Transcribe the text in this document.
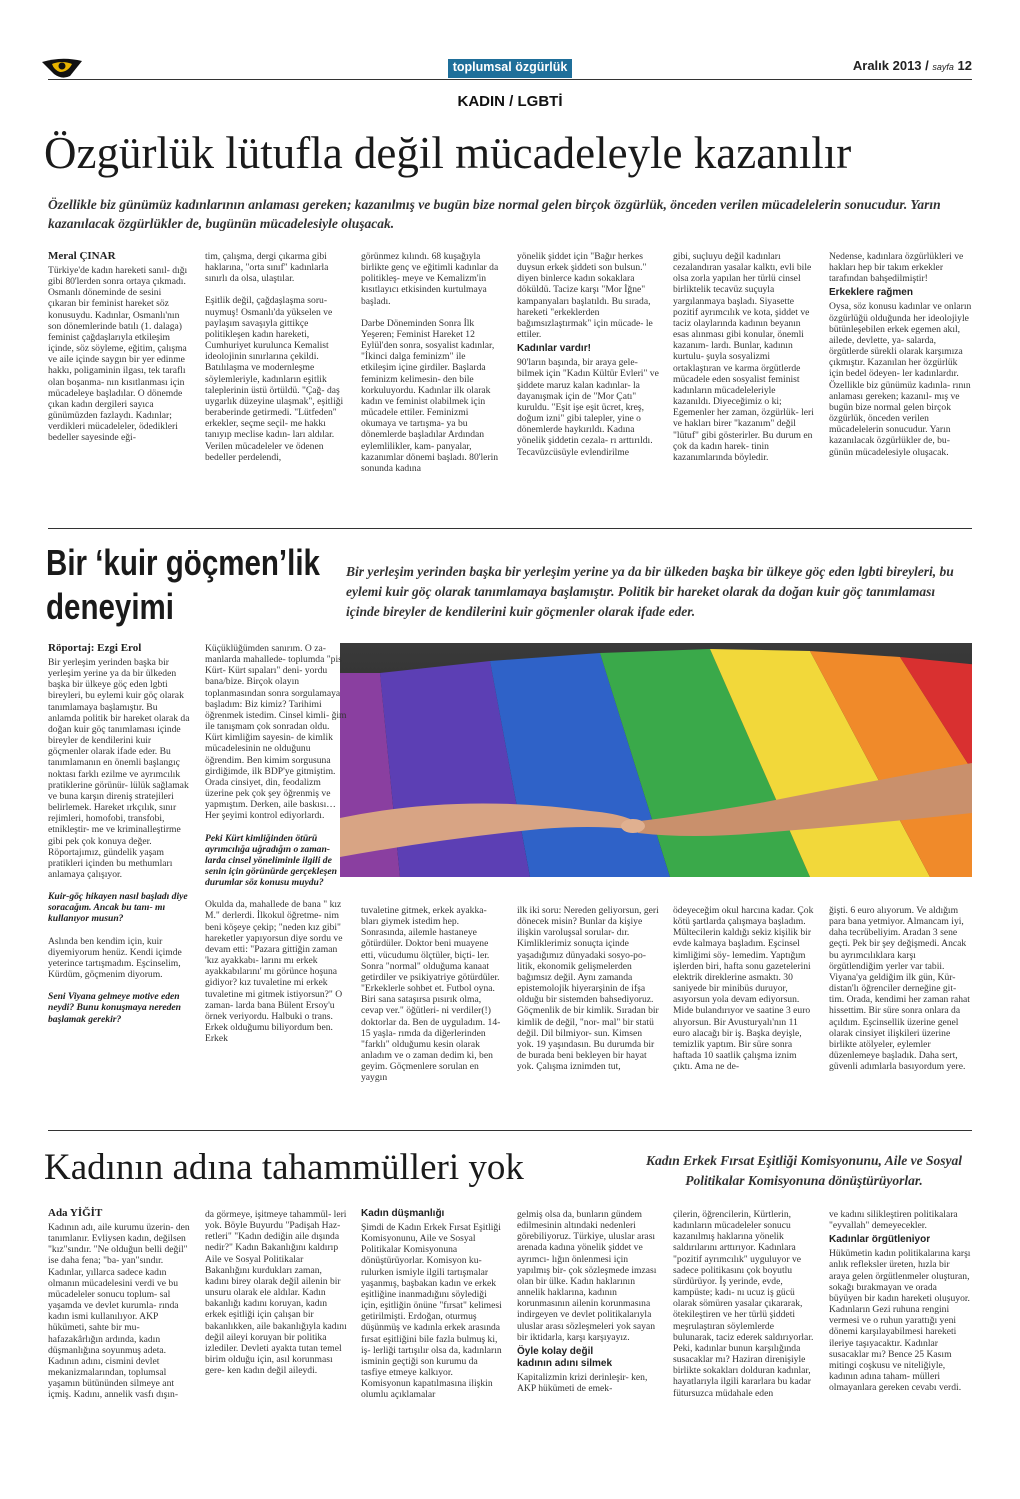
toplumsal özgürlük	Aralık 2013 / sayfa 12
KADIN / LGBTİ
Özgürlük lütufla değil mücadeleyle kazanılır
Özellikle biz günümüz kadınlarının anlaması gereken; kazanılmış ve bugün bize normal gelen birçok özgürlük, önceden verilen mücadelelerin sonucudur. Yarın kazanılacak özgürlükler de, bugünün mücadelesiyle oluşacak.
Meral ÇINAR

Türkiye'de kadın hareketi sanıl- dığı gibi 80'lerden sonra ortaya çıkmadı. Osmanlı döneminde de sesini çıkaran bir feminist hareket söz konusuydu. Kadınlar, Osmanlı'nın son dönemlerinde batılı (1. dalaga) feminist çağdaşlarıyla etkileşim içinde, söz söyleme, eğitim, çalışma ve aile içinde saygın bir yer edinme hakkı, poligaminin ilgası, tek taraflı olan boşanma- nın kısıtlanması için mücadeleye başladılar. O dönemde çıkan kadın dergileri sayıca günümüzden fazlaydı. Kadınlar; verdikleri mücadeleler, ödedikleri bedeller sayesinde eği-

tim, çalışma, dergi çıkarma gibi haklarına, "orta sınıf" kadınlarla sınırlı da olsa, ulaştılar.

Eşitlik değil, çağdaşlaşma soru- nuymuş! Osmanlı'da yükselen ve paylaşım savaşıyla gittikçe politikleşen kadın hareketi, Cumhuriyet kurulunca Kemalist ideolojinin sınırlarına çekildi. Batılılaşma ve modernleşme söylemleriyle, kadınların eşitlik taleplerinin üstü örtüldü. "Çağ- daş uygarlık düzeyine ulaşmak", eşitliği beraberinde getirmedi. "Lütfeden" erkekler, seçme seçil- me hakkı tanıyıp meclise kadın- ları aldılar. Verilen mücadeleler ve ödenen bedeller perdelendi,

görünmez kılındı. 68 kuşağıyla birlikte genç ve eğitimli kadınlar da politikleş- meye ve Kemalizm'in kısıtlayıcı etkisinden kurtulmaya başladı.

Darbe Döneminden Sonra İlk Yeşeren; Feminist Hareket 12 Eylül'den sonra, sosyalist kadınlar, "İkinci dalga feminizm" ile etkileşim içine girdiler. Başlarda feminizm kelimesin- den bile korkuluyordu. Kadınlar ilk olarak kadın ve feminist olabilmek için mücadele ettiler. Feminizmi okumaya ve tartışma- ya bu dönemlerde başladılar Ardından eylemlilikler, kam- panyalar, kazanımlar dönemi başladı. 80'lerin sonunda kadına

yönelik şiddet için "Bağır herkes duysun erkek şiddeti son bulsun." diyen binlerce kadın sokaklara döküldü. Tacize karşı "Mor İğne" kampanyaları başlatıldı. Bu sırada, hareketi "erkeklerden bağımsızlaştırmak" için mücade- le ettiler.

Kadınlar vardır!

90'ların başında, bir araya gele- bilmek için "Kadın Kültür Evleri" ve şiddete maruz kalan kadınlar- la dayanışmak için de "Mor Çatı" kuruldu. "Eşit işe eşit ücret, kreş, doğum izni" gibi talepler, yine o dönemlerde haykırıldı. Kadına yönelik şiddetin cezala- rı arttırıldı. Tecavüzcüsüyle evlendirilme

gibi, suçluyu değil kadınları cezalandıran yasalar kalktı, evli bile olsa zorla yapılan her türlü cinsel birliktelik tecavüz suçuyla yargılanmaya başladı. Siyasette pozitif ayrımcılık ve kota, şiddet ve taciz olaylarında kadının beyanın esas alınması gibi konular, önemli kazanım- lardı. Bunlar, kadının kurtulu- şuyla sosyalizmi ortaklaştıran ve karma örgütlerde mücadele eden sosyalist feminist kadınların mücadeleleriyle kazanıldı. Diyeceğimiz o ki; Egemenler her zaman, özgürlük- leri ve hakları birer "kazanım" değil "lütuf" gibi gösterirler. Bu durum en çok da kadın harek- tinin kazanımlarında böyledir.

Nedense, kadınlara özgürlükleri ve hakları hep bir takım erkekler tarafından bahşedilmiştir!

Erkeklere rağmen

Oysa, söz konusu kadınlar ve onların özgürlüğü olduğunda her ideolojiyle bütünleşebilen erkek egemen akıl, ailede, devlette, ya- salarda, örgütlerde sürekli olarak karşımıza çıkmıştır. Kazanılan her özgürlük için bedel ödeyen- ler kadınlardır. Özellikle biz günümüz kadınla- rının anlaması gereken; kazanıl- mış ve bugün bize normal gelen birçok özgürlük, önceden verilen mücadelelerin sonucudur. Yarın kazanılacak özgürlükler de, bu- günün mücadelesiyle oluşacak.

Bir ‘kuir göçmen’lik
deneyimi
Bir yerleşim yerinden başka bir yerleşim yerine ya da bir ülkeden başka bir ülkeye göç eden lgbti bireyleri, bu eylemi kuir göç olarak tanımlamaya başlamıştır. Politik bir hareket olarak da doğan kuir göç tanımlaması içinde bireyler de kendilerini kuir göçmenler olarak ifade eder.
Röportaj: Ezgi Erol

Bir yerleşim yerinden başka bir yerleşim yerine ya da bir ülkeden başka bir ülkeye göç eden lgbti bireyleri, bu eylemi kuir göç olarak tanımlamaya başlamıştır. Bu anlamda politik bir hareket olarak da doğan kuir göç tanımlaması içinde bireyler de kendilerini kuir göçmenler olarak ifade eder. Bu tanımlamanın en önemli başlangıç noktası farklı ezilme ve ayrımcılık pratiklerine görünür- lülük sağlamak ve buna karşın direniş stratejileri belirlemek. Hareket ırkçılık, sınır rejimleri, homofobi, transfobi, etnikleştir- me ve kriminalleştirme gibi pek çok konuya değer. Röportajımız, gündelik yaşam pratikleri içinden bu methumları anlamaya çalışıyor.

Kuir-göç hikayen nasıl başladı diye soracağım. Ancak bu tanı- mı kullanıyor musun?

Aslında ben kendim için, kuir diyemiyorum henüz. Kendi içimde yeterince tartışmadım. Eşcinselim, Kürdüm, göçmenim diyorum.

Seni Viyana gelmeye motive eden neydi? Bunu konuşmaya nereden başlamak gerekir?

Küçüklüğümden sanırım. O za- manlarda mahallede- toplumda "pis Kürt- Kürt sıpaları" deni- yordu bana/bize. Birçok olayın toplanmasından sonra sorgulamaya başladım: Biz kimiz? Tarihimi öğrenmek istedim. Cinsel kimli- ğim ile tanışmam çok sonradan oldu. Kürt kimliğim sayesin- de kimlik mücadelesinin ne olduğunu öğrendim. Ben kimim sorgusuna girdiğimde, ilk BDP'ye gitmiştim. Orada cinsiyet, din, feodalizm üzerine pek çok şey öğrenmiş ve yapmıştım. Derken, aile baskısı… Her şeyimi kontrol ediyorlardı.

Peki Kürt kimliğinden ötürü ayrımcılığa uğradığın o zaman- larda cinsel yöneliminle ilgili de senin için görünürde gerçekleşen durumlar söz konusu muydu?

Okulda da, mahallede de bana " kız M." derlerdi. İlkokul öğretme- nim beni köşeye çekip; "neden kız gibi" hareketler yapıyorsun diye sordu ve devam etti: "Pazara gittiğin zaman 'kız ayakkabı- larını mı erkek ayakkabılarını' mı görünce hoşuna gidiyor? kız tuvaletine mi erkek tuvaletine mi gitmek istiyorsun?" O zaman- larda bana Bülent Ersoy'u örnek veriyordu. Halbuki o trans. Erkek olduğumu biliyordum ben. Erkek

tuvaletine gitmek, erkek ayakka- bları giymek istedim hep. Sonrasında, ailemle hastaneye götürdüler. Doktor beni muayene etti, vücudumu ölçtüler, biçti- ler. Sonra "normal" olduğuma kanaat getirdiler ve psikiyatriye götürdüler. "Erkeklerle sohbet et. Futbol oyna. Biri sana sataşırsa pısırık olma, cevap ver." öğütleri- ni verdiler(!) doktorlar da. Ben de uyguladım. 14-15 yaşla- rımda da diğerlerinden "farklı" olduğumu kesin olarak anladım ve o zaman dedim ki, ben geyim. Göçmenlere sorulan en yaygın

ilk iki soru: Nereden geliyorsun, geri dönecek misin? Bunlar da kişiye ilişkin varoluşsal sorular- dır. Kimliklerimiz sonuçta içinde yaşadığımız dünyadaki sosyo-po- litik, ekonomik gelişmelerden bağımsız değil. Aynı zamanda epistemolojik hiyerarşinin de ifşa olduğu bir sistemden bahsediyoruz. Göçmenlik de bir kimlik. Sıradan bir kimlik de değil, "nor- mal" bir statü değil. Dil bilmiyor- sun. Kimsen yok. 19 yaşındasın. Bu durumda bir de burada beni bekleyen bir hayat yok. Çalışma iznimden tut,

ödeyeceğim okul harcına kadar. Çok kötü şartlarda çalışmaya başladım. Mültecilerin kaldığı sekiz kişilik bir evde kalmaya başladım. Eşcinsel kimliğimi söy- lemedim. Yaptığım işlerden biri, hafta sonu gazetelerini elektrik direklerine asmaktı. 30 saniyede bir minibüs duruyor, asıyorsun yola devam ediyorsun. Mide bulandırıyor ve saatine 3 euro alıyorsun. Bir Avusturyalı'nın 11 euro alacağı bir iş. Başka deyişle, temizlik yaptım. Bir süre sonra haftada 10 saatlik çalışma iznim çıktı. Ama ne de-

ğişti. 6 euro alıyorum. Ve aldığım para bana yetmiyor. Almancam iyi, daha tecrübeliyim. Aradan 3 sene geçti. Pek bir şey değişmedi. Ancak bu ayrımcılıklara karşı örgütlendiğim yerler var tabii. Viyana'ya geldiğim ilk gün, Kür- distan'lı öğrenciler derneğine git- tim. Orada, kendimi her zaman rahat hissettim. Bir süre sonra onlara da açıldım. Eşcinsellik üzerine genel olarak cinsiyet ilişkileri üzerine birlikte atölyeler, eylemler düzenlemeye başladık. Daha sert, güvenli adımlarla basıyordum yere.

Kadının adına tahammülleri yok	Kadın Erkek Fırsat Eşitliği Komisyonunu, Aile ve Sosyal Politikalar Komisyonuna dönüştürüyorlar.
Ada YİĞİT

Kadının adı, aile kurumu üzerin- den tanımlanır. Evliysen kadın, değilsen "kız"sındır. "Ne olduğun belli değil" ise daha fena; "ba- yan"sındır. Kadınlar, yıllarca sadece kadın olmanın mücadelesini verdi ve bu mücadeleler sonucu toplum- sal yaşamda ve devlet kurumla- rında kadın ismi kullanılıyor. AKP hükümeti, sahte bir mu- hafazakârlığın ardında, kadın düşmanlığına soyunmuş adeta. Kadının adını, cismini devlet mekanizmalarından, toplumsal yaşamın bütününden silmeye ant içmiş. Kadını, annelik vasfı dışın-

da görmeye, işitmeye tahammül- leri yok. Böyle Buyurdu "Padişah Haz- retleri" "Kadın dediğin aile dışında nedir?" Kadın Bakanlığını kaldırıp Aile ve Sosyal Politikalar Bakanlığını kurdukları zaman, kadını birey olarak değil ailenin bir unsuru olarak ele aldılar. Kadın bakanlığı kadını koruyan, kadın erkek eşitliği için çalışan bir bakanlıkken, aile bakanlığıyla kadını değil aileyi koruyan bir politika izlediler. Devleti ayakta tutan temel birim olduğu için, asıl korunması gere- ken kadın değil aileydi.

Kadın düşmanlığı

Şimdi de Kadın Erkek Fırsat Eşitliği Komisyonunu, Aile ve Sosyal Politikalar Komisyonuna dönüştürüyorlar. Komisyon ku- rulurken ismiyle ilgili tartışmalar yaşanmış, başbakan kadın ve erkek eşitliğine inanmadığını söylediği için, eşitliğin önüne "fırsat" kelimesi getirilmişti. Erdoğan, oturmuş düşünmüş ve kadınla erkek arasında fırsat eşitliğini bile fazla bulmuş ki, iş- lerliği tartışılır olsa da, kadınların isminin geçtiği son kurumu da tasfiye etmeye kalkıyor. Komisyonun kapatılmasına ilişkin olumlu açıklamalar

gelmiş olsa da, bunların gündem edilmesinin altındaki nedenleri görebiliyoruz. Türkiye, uluslar arası arenada kadına yönelik şiddet ve ayrımcı- lığın önlenmesi için yapılmış bir- çok sözleşmede imzası olan bir ülke. Kadın haklarının annelik haklarına, kadının korunmasının ailenin korunmasına indirgeyen ve devlet politikalarıyla uluslar arası sözleşmeleri yok sayan bir iktidarla, karşı karşıyayız.

Öyle kolay değil
kadının adını silmek

Kapitalizmin krizi derinleşir- ken, AKP hükümeti de emek-

çilerin, öğrencilerin, Kürtlerin, kadınların mücadeleler sonucu kazanılmış haklarına yönelik saldırılarını arttırıyor. Kadınlara "pozitif ayrımcılık" uyguluyor ve sadece politikasını çok boyutlu sürdürüyor. İş yerinde, evde, kampüste; kadı- nı ucuz iş gücü olarak sömüren yasalar çıkararak, ötekileştiren ve her türlü şiddeti meşrulaştıran söylemlerde bulunarak, taciz ederek saldırıyorlar. Peki, kadınlar bunun karşılığında susacaklar mı? Haziran direnişiyle birlikte sokakları dolduran kadınlar, hayatlarıyla ilgili kararlara bu kadar fütursuzca müdahale eden

ve kadını silikleştiren politikalara "eyvallah" demeyecekler.

Kadınlar örgütleniyor

Hükümetin kadın politikalarına karşı anlık refleksler üreten, hızla bir araya gelen örgütlenmeler oluşturan, sokağı bırakmayan ve orada büyüyen bir kadın hareketi oluşuyor. Kadınların Gezi ruhuna rengini vermesi ve o ruhun yarattığı yeni dönemi karşılayabilmesi hareketi ileriye taşıyacaktır. Kadınlar susacaklar mı? Bence 25 Kasım mitingi coşkusu ve niteliğiyle, kadının adına taham- mülleri olmayanlara gereken cevabı verdi.
